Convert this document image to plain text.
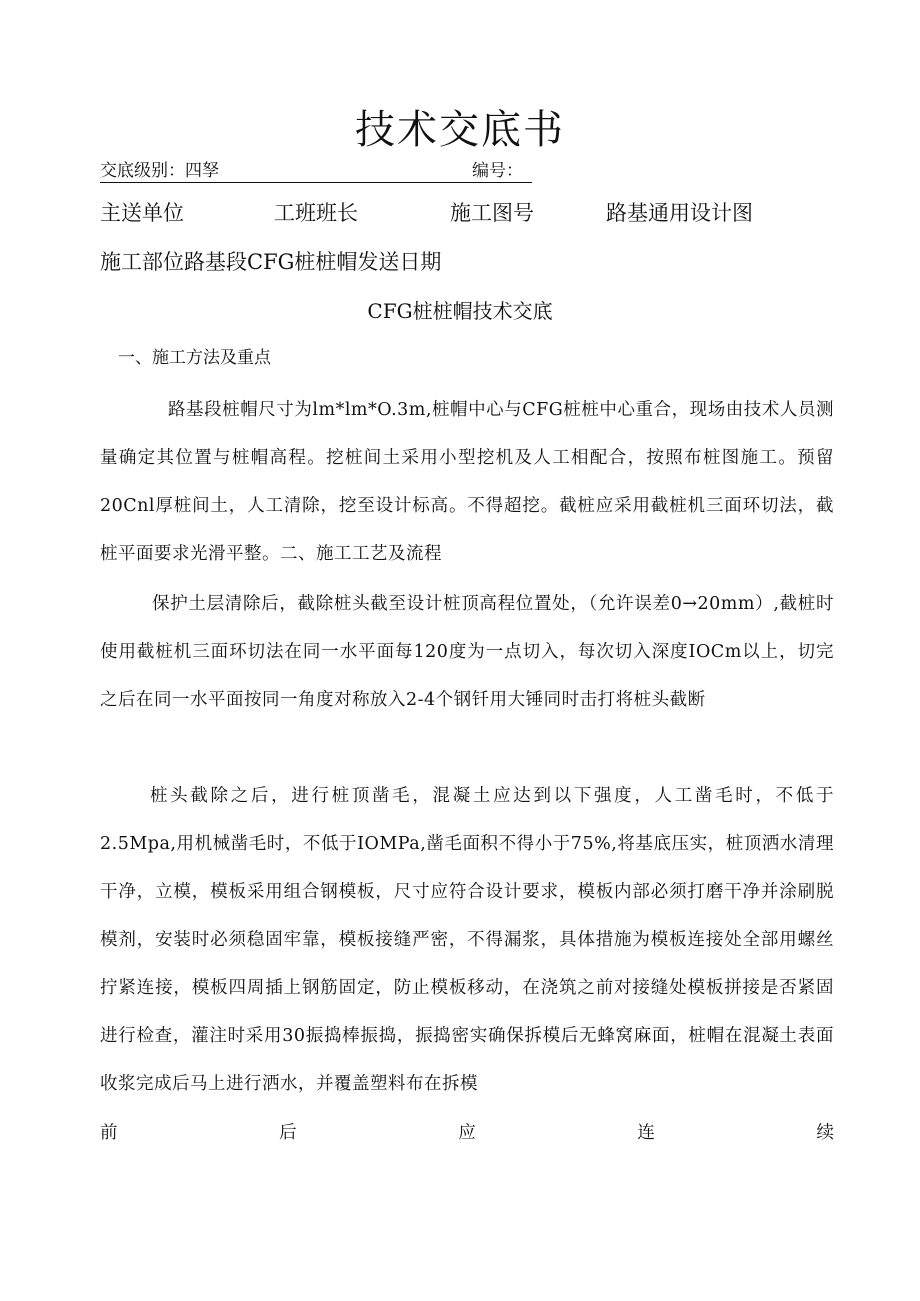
技术交底书
交底级别：四孥	编号：
主送单位	工班班长	施工图号	路基通用设计图
施工部位路基段CFG桩桩帽发送日期
CFG桩桩帽技术交底
一、施工方法及重点
路基段桩帽尺寸为lm*lm*O.3m,桩帽中心与CFG桩桩中心重合，现场由技术人员测量确定其位置与桩帽高程。挖桩间土采用小型挖机及人工相配合，按照布桩图施工。预留20Cnl厚桩间土，人工清除，挖至设计标高。不得超挖。截桩应采用截桩机三面环切法，截桩平面要求光滑平整。二、施工工艺及流程
保护土层清除后，截除桩头截至设计桩顶高程位置处，（允许误差0→20mm）,截桩时使用截桩机三面环切法在同一水平面每120度为一点切入，每次切入深度IOCm以上，切完之后在同一水平面按同一角度对称放入2-4个钢钎用大锤同时击打将桩头截断
桩头截除之后，进行桩顶凿毛，混凝土应达到以下强度，人工凿毛时，不低于2.5Mpa,用机械凿毛时，不低于IOMPa,凿毛面积不得小于75%,将基底压实，桩顶洒水清理干净，立模，模板采用组合钢模板，尺寸应符合设计要求，模板内部必须打磨干净并涂刷脱模剂，安装时必须稳固牢靠，模板接缝严密，不得漏浆，具体措施为模板连接处全部用螺丝拧紧连接，模板四周插上钢筋固定，防止模板移动，在浇筑之前对接缝处模板拼接是否紧固进行检查，灌注时采用30振捣棒振捣，振捣密实确保拆模后无蜂窝麻面，桩帽在混凝土表面收浆完成后马上进行洒水，并覆盖塑料布在拆模
前	后	应	连	续
